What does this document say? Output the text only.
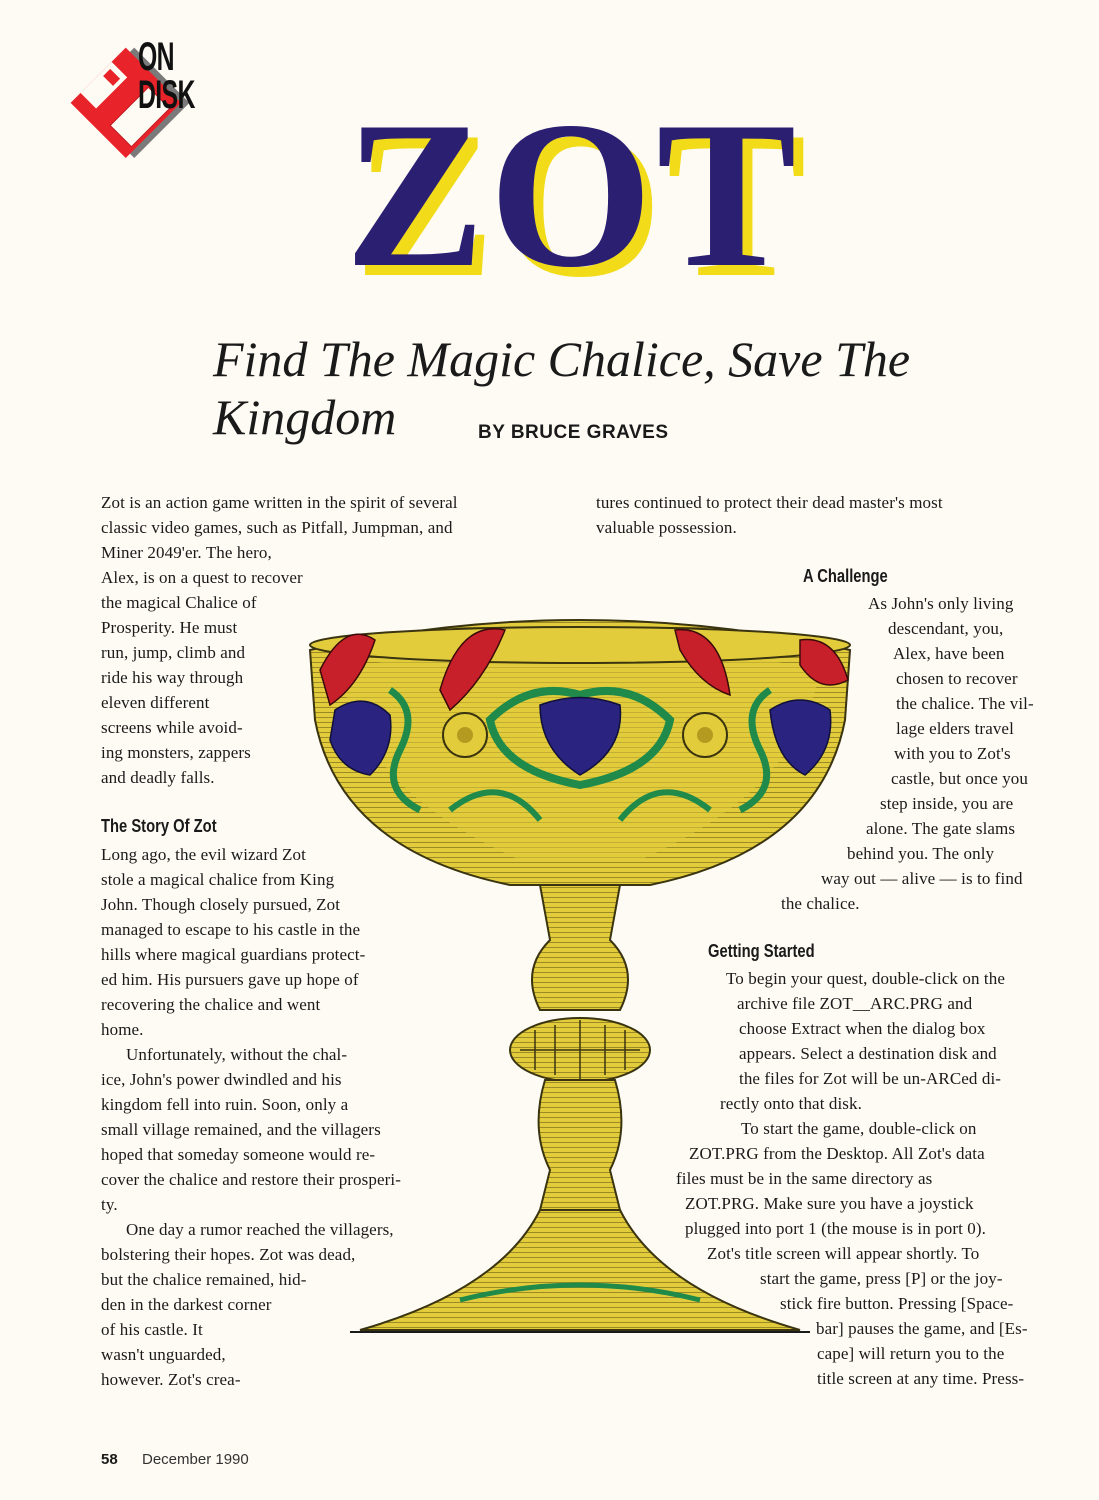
ON
DISK ZOT
Find The Magic Chalice, Save The Kingdom	BY BRUCE GRAVES
Zot is an action game written in the spirit of several
classic video games, such as Pitfall, Jumpman, and
Miner 2049'er. The hero,
Alex, is on a quest to recover
the magical Chalice of
Prosperity. He must
run, jump, climb and
ride his way through
eleven different
screens while avoid-
ing monsters, zappers
and deadly falls.
The Story Of Zot
Long ago, the evil wizard Zot
stole a magical chalice from King
John. Though closely pursued, Zot
managed to escape to his castle in the
hills where magical guardians protect-
ed him. His pursuers gave up hope of
recovering the chalice and went
home.
Unfortunately, without the chal-
ice, John's power dwindled and his
kingdom fell into ruin. Soon, only a
small village remained, and the villagers
hoped that someday someone would re-
cover the chalice and restore their prosperi-
ty.
One day a rumor reached the villagers,
bolstering their hopes. Zot was dead,
but the chalice remained, hid-
den in the darkest corner
of his castle. It
wasn't unguarded,
however. Zot's crea-
tures continued to protect their dead master's most
valuable possession.
A Challenge
As John's only living
descendant, you,
Alex, have been
chosen to recover
the chalice. The vil-
lage elders travel
with you to Zot's
castle, but once you
step inside, you are
alone. The gate slams
behind you. The only
way out — alive — is to find
the chalice.
Getting Started
To begin your quest, double-click on the
archive file ZOT__ARC.PRG and
choose Extract when the dialog box
appears. Select a destination disk and
the files for Zot will be un-ARCed di-
rectly onto that disk.
To start the game, double-click on
ZOT.PRG from the Desktop. All Zot's data
files must be in the same directory as
ZOT.PRG. Make sure you have a joystick
plugged into port 1 (the mouse is in port 0).
Zot's title screen will appear shortly. To
start the game, press [P] or the joy-
stick fire button. Pressing [Space-
bar] pauses the game, and [Es-
cape] will return you to the
title screen at any time. Press-
58 December 1990
